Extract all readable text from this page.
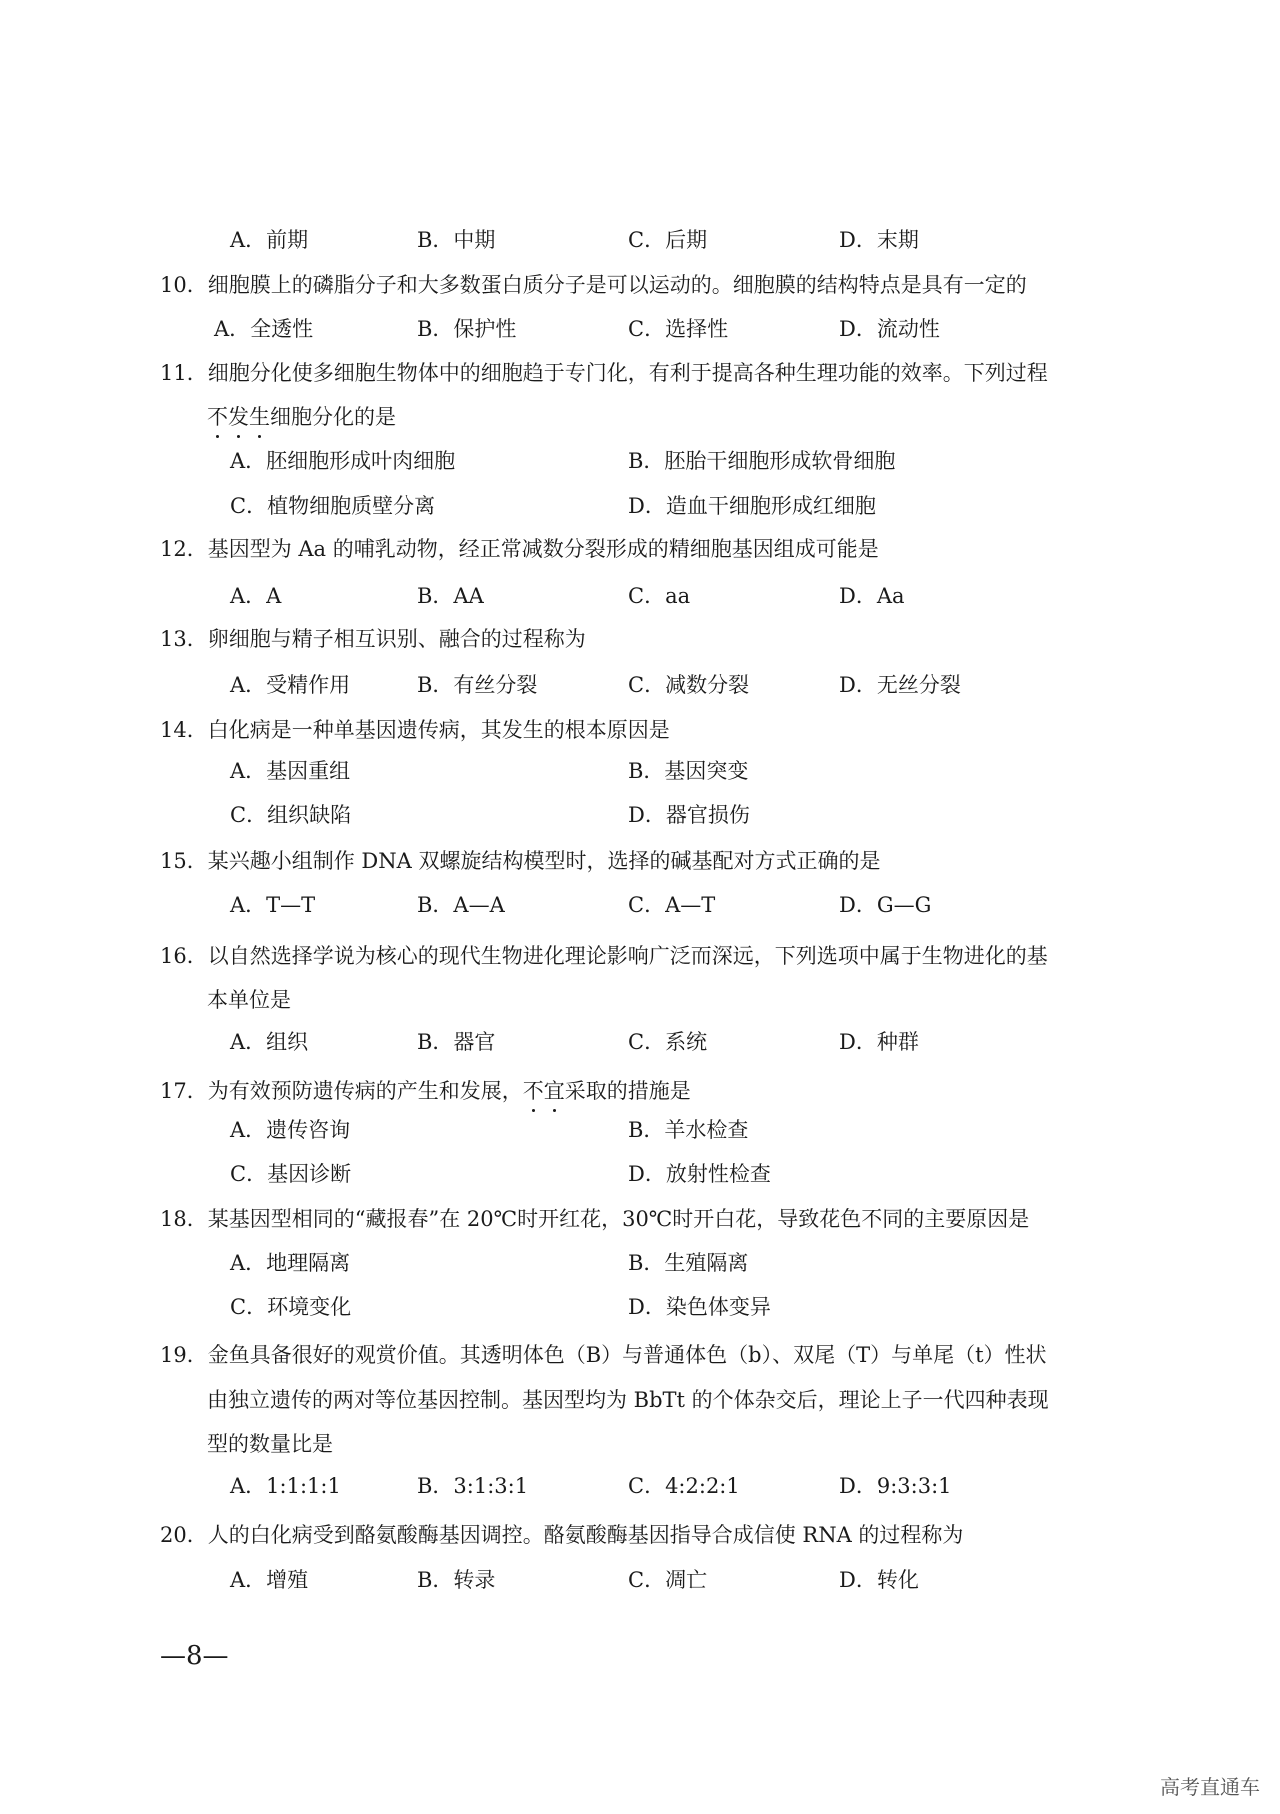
A．前期	B．中期	C．后期	D．末期
10．细胞膜上的磷脂分子和大多数蛋白质分子是可以运动的。细胞膜的结构特点是具有一定的
A．全透性	B．保护性	C．选择性	D．流动性
11．细胞分化使多细胞生物体中的细胞趋于专门化，有利于提高各种生理功能的效率。下列过程
不发生细胞分化的是
A．胚细胞形成叶肉细胞	B．胚胎干细胞形成软骨细胞
C．植物细胞质壁分离	D．造血干细胞形成红细胞
12．基因型为 Aa 的哺乳动物，经正常减数分裂形成的精细胞基因组成可能是
A．A	B．AA	C．aa	D．Aa
13．卵细胞与精子相互识别、融合的过程称为
A．受精作用	B．有丝分裂	C．减数分裂	D．无丝分裂
14．白化病是一种单基因遗传病，其发生的根本原因是
A．基因重组	B．基因突变
C．组织缺陷	D．器官损伤
15．某兴趣小组制作 DNA 双螺旋结构模型时，选择的碱基配对方式正确的是
A．T—T	B．A—A	C．A—T	D．G—G
16．以自然选择学说为核心的现代生物进化理论影响广泛而深远，下列选项中属于生物进化的基
本单位是
A．组织	B．器官	C．系统	D．种群
17．为有效预防遗传病的产生和发展，不宜采取的措施是
A．遗传咨询	B．羊水检查
C．基因诊断	D．放射性检查
18．某基因型相同的“藏报春”在 20℃时开红花，30℃时开白花，导致花色不同的主要原因是
A．地理隔离	B．生殖隔离
C．环境变化	D．染色体变异
19．金鱼具备很好的观赏价值。其透明体色（B）与普通体色（b）、双尾（T）与单尾（t）性状
由独立遗传的两对等位基因控制。基因型均为 BbTt 的个体杂交后，理论上子一代四种表现
型的数量比是
A．1:1:1:1	B．3:1:3:1	C．4:2:2:1	D．9:3:3:1
20．人的白化病受到酪氨酸酶基因调控。酪氨酸酶基因指导合成信使 RNA 的过程称为
A．增殖	B．转录	C．凋亡	D．转化
—8—
高考直通车
